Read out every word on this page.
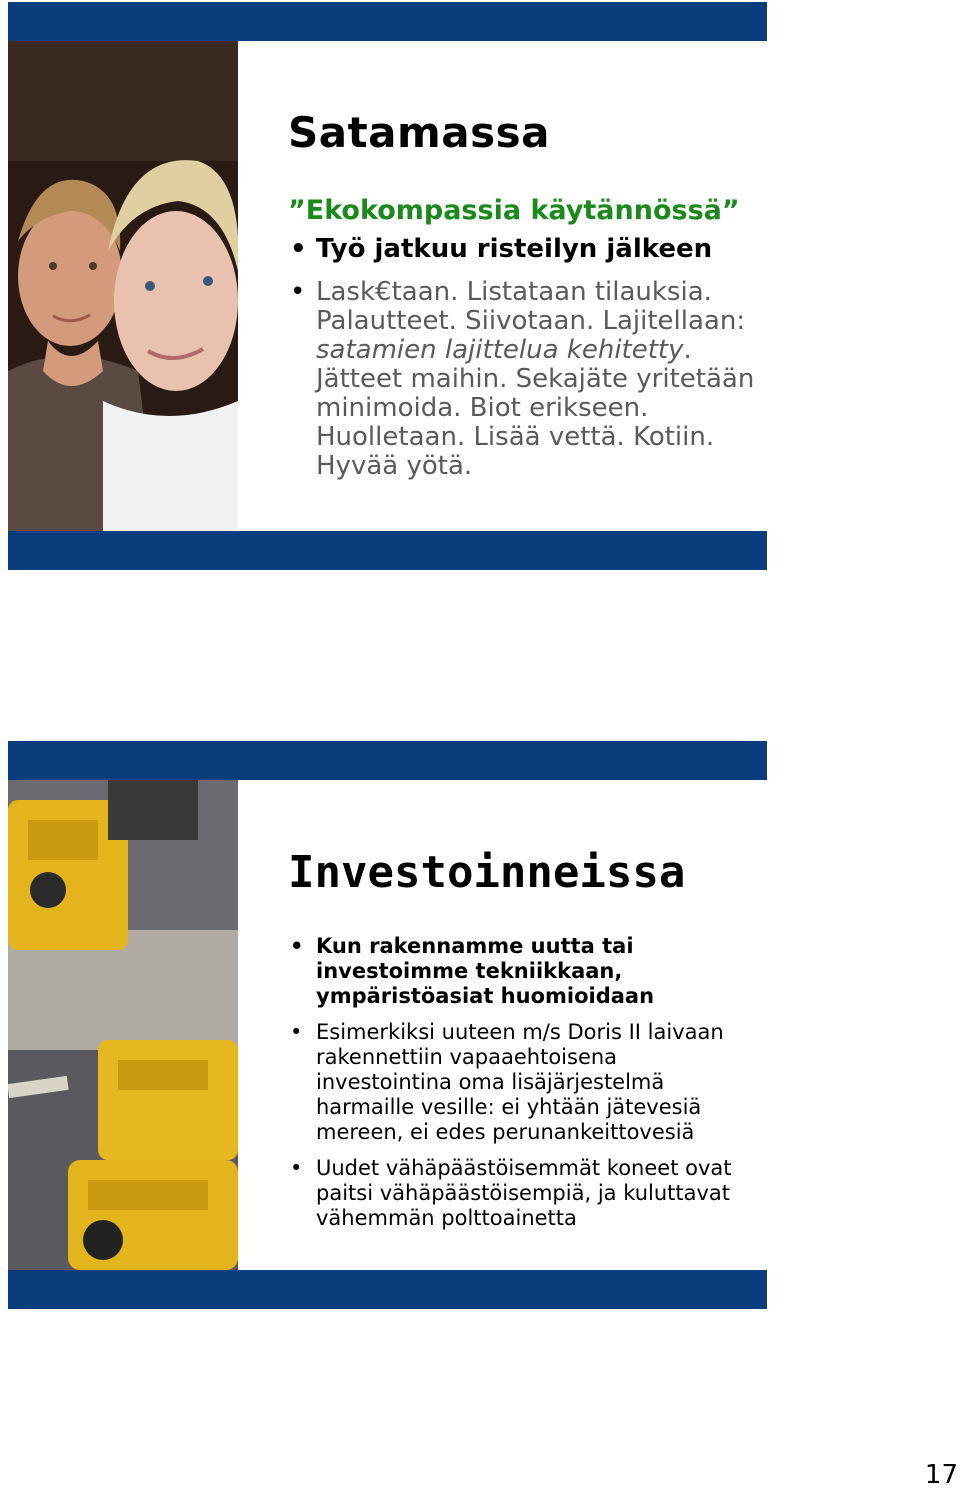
Satamassa

”Ekokompassia käytännössä”

• Työ jatkuu risteilyn jälkeen
• Lask€taan. Listataan tilauksia. Palautteet. Siivotaan. Lajitellaan: satamien lajittelua kehitetty. Jätteet maihin. Sekajäte yritetään minimoida. Biot erikseen. Huolletaan. Lisää vettä. Kotiin. Hyvää yötä.
Investoinneissa
• Kun rakennamme uutta tai investoimme tekniikkaan, ympäristöasiat huomioidaan
• Esimerkiksi uuteen m/s Doris II laivaan rakennettiin vapaaehtoisena investointina oma lisäjärjestelmä harmaille vesille: ei yhtään jätevesiä mereen, ei edes perunankeittovesiä
• Uudet vähäpäästöisemmät koneet ovat paitsi vähäpäästöisempiä, ja kuluttavat vähemmän polttoainetta
17
